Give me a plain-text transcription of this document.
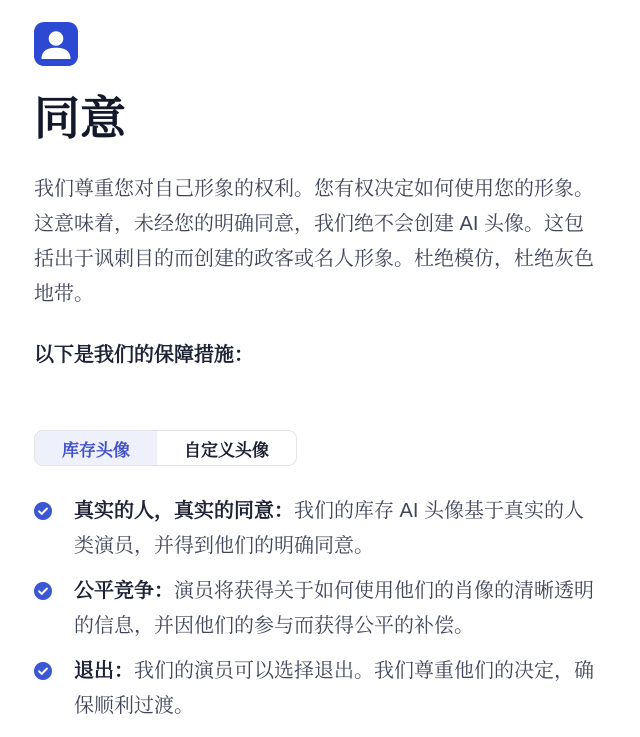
同意

我们尊重您对自己形象的权利。您有权决定如何使用您的形象。这意味着，未经您的明确同意，我们绝不会创建 AI 头像。这包括出于讽刺目的而创建的政客或名人形象。杜绝模仿，杜绝灰色地带。

以下是我们的保障措施：

库存头像	自定义头像
真实的人，真实的同意：我们的库存 AI 头像基于真实的人类演员，并得到他们的明确同意。
公平竞争：演员将获得关于如何使用他们的肖像的清晰透明的信息，并因他们的参与而获得公平的补偿。
退出：我们的演员可以选择退出。我们尊重他们的决定，确保顺利过渡。
